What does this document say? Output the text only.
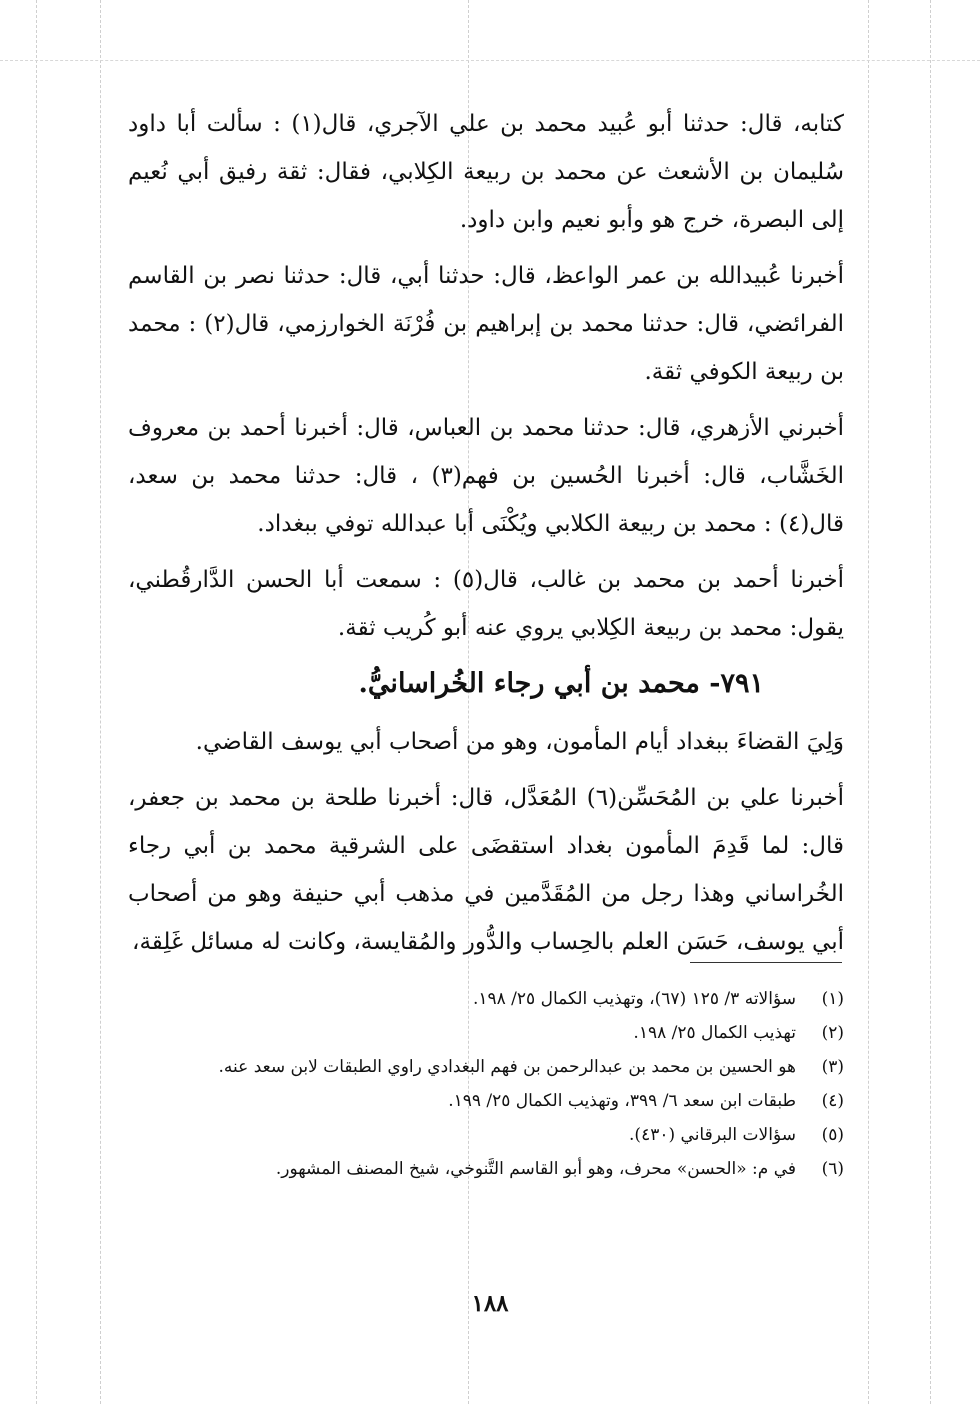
كتابه، قال: حدثنا أبو عُبيد محمد بن علي الآجري، قال(١) : سألت أبا داود سُليمان بن الأشعث عن محمد بن ربيعة الكِلابي، فقال: ثقة رفيق أبي نُعيم إلى البصرة، خرج هو وأبو نعيم وابن داود.

أخبرنا عُبيدالله بن عمر الواعظ، قال: حدثنا أبي، قال: حدثنا نصر بن القاسم الفرائضي، قال: حدثنا محمد بن إبراهيم بن فُرْنَة الخوارزمي، قال(٢) : محمد بن ربيعة الكوفي ثقة.

أخبرني الأزهري، قال: حدثنا محمد بن العباس، قال: أخبرنا أحمد بن معروف الخَشَّاب، قال: أخبرنا الحُسين بن فهم(٣) ، قال: حدثنا محمد بن سعد، قال(٤) : محمد بن ربيعة الكلابي ويُكْنَى أبا عبدالله توفي ببغداد.

أخبرنا أحمد بن محمد بن غالب، قال(٥) : سمعت أبا الحسن الدَّارقُطني، يقول: محمد بن ربيعة الكِلابي يروي عنه أبو كُريب ثقة.

٧٩١- محمد بن أبي رجاء الخُراسانيُّ.

وَلِيَ القضاءَ ببغداد أيام المأمون، وهو من أصحاب أبي يوسف القاضي.

أخبرنا علي بن المُحَسِّن(٦) المُعَدَّل، قال: أخبرنا طلحة بن محمد بن جعفر، قال: لما قَدِمَ المأمون بغداد استقضَى على الشرقية محمد بن أبي رجاء الخُراساني وهذا رجل من المُقَدَّمين في مذهب أبي حنيفة وهو من أصحاب أبي يوسف، حَسَن العلم بالحِساب والدُّور والمُقايسة، وكانت له مسائل غَلِقة،

(١)سؤالاته ٣/ ١٢٥ (٦٧)، وتهذيب الكمال ٢٥/ ١٩٨.

(٢)تهذيب الكمال ٢٥/ ١٩٨.

(٣)هو الحسين بن محمد بن عبدالرحمن بن فهم البغدادي راوي الطبقات لابن سعد عنه.

(٤)طبقات ابن سعد ٦/ ٣٩٩، وتهذيب الكمال ٢٥/ ١٩٩.

(٥)سؤالات البرقاني (٤٣٠).

(٦)في م: «الحسن» محرف، وهو أبو القاسم التَّنوخي، شيخ المصنف المشهور.

١٨٨
